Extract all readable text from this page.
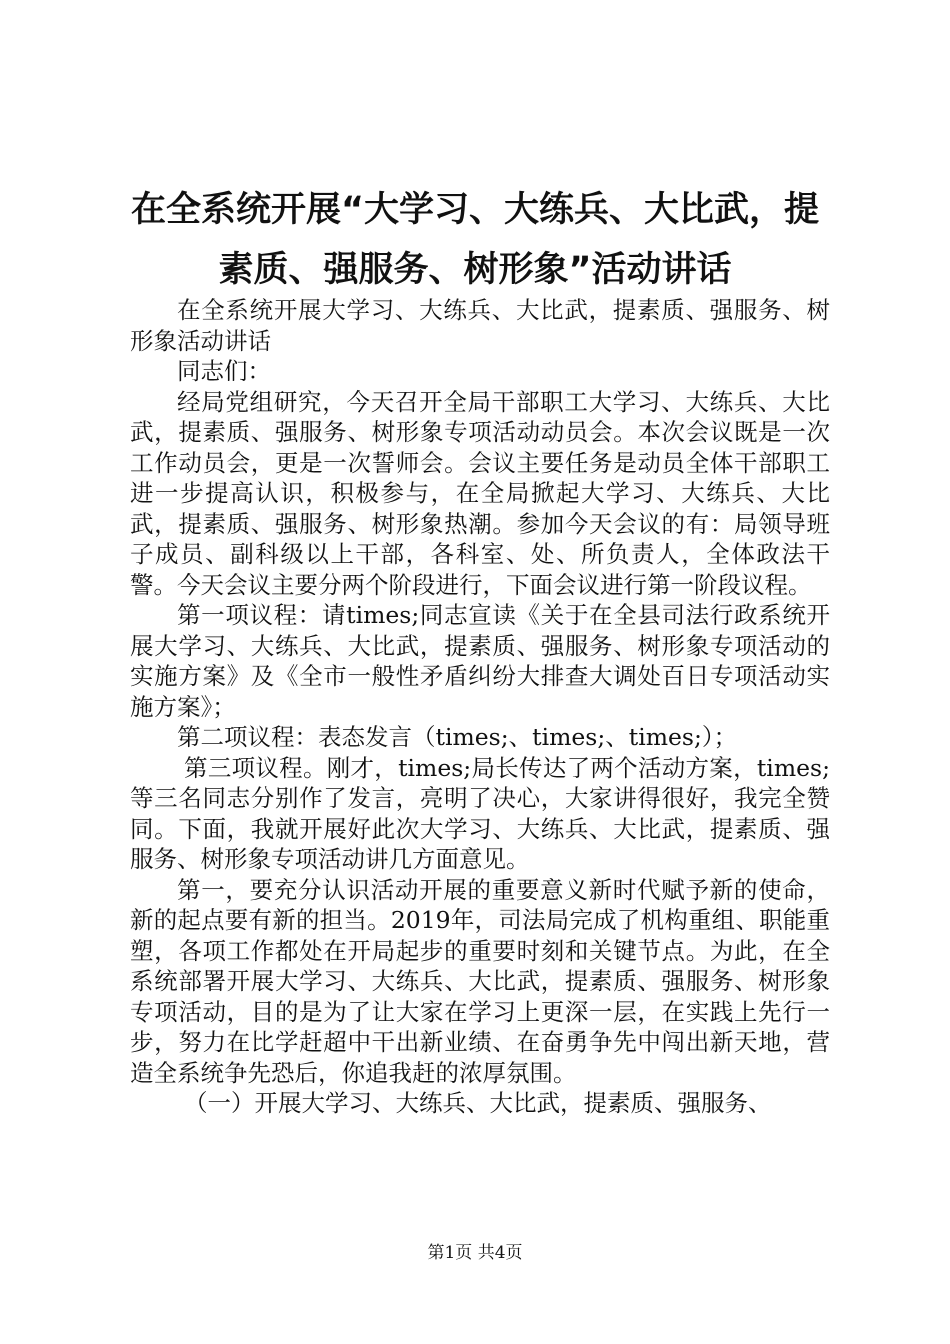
在全系统开展“大学习、大练兵、大比武，提
素质、强服务、树形象”活动讲话

在全系统开展大学习、大练兵、大比武，提素质、强服务、树形象活动讲话

同志们：

经局党组研究，今天召开全局干部职工大学习、大练兵、大比武，提素质、强服务、树形象专项活动动员会。本次会议既是一次工作动员会，更是一次誓师会。会议主要任务是动员全体干部职工进一步提高认识，积极参与，在全局掀起大学习、大练兵、大比武，提素质、强服务、树形象热潮。参加今天会议的有：局领导班子成员、副科级以上干部，各科室、处、所负责人，全体政法干警。今天会议主要分两个阶段进行，下面会议进行第一阶段议程。

第一项议程：请times;同志宣读《关于在全县司法行政系统开展大学习、大练兵、大比武，提素质、强服务、树形象专项活动的实施方案》及《全市一般性矛盾纠纷大排查大调处百日专项活动实施方案》；

第二项议程：表态发言（times;、times;、times;）；

第三项议程。刚才，times;局长传达了两个活动方案，times;等三名同志分别作了发言，亮明了决心，大家讲得很好，我完全赞同。下面，我就开展好此次大学习、大练兵、大比武，提素质、强服务、树形象专项活动讲几方面意见。

第一，要充分认识活动开展的重要意义新时代赋予新的使命，新的起点要有新的担当。2019年，司法局完成了机构重组、职能重塑，各项工作都处在开局起步的重要时刻和关键节点。为此，在全系统部署开展大学习、大练兵、大比武，提素质、强服务、树形象专项活动，目的是为了让大家在学习上更深一层，在实践上先行一步，努力在比学赶超中干出新业绩、在奋勇争先中闯出新天地，营造全系统争先恐后，你追我赶的浓厚氛围。

（一）开展大学习、大练兵、大比武，提素质、强服务、

第1页 共4页
